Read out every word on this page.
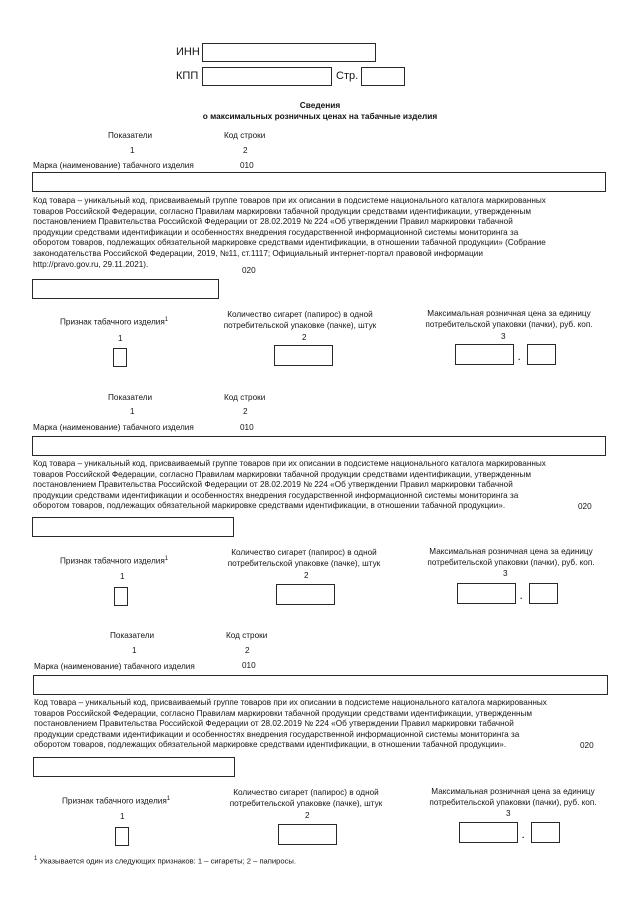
ИНН
КПП	Стр.
Сведения
о максимальных розничных ценах на табачные изделия
Показатели	Код строки
1	2
Марка (наименование) табачного изделия	010
Код товара – уникальный код, присваиваемый группе товаров при их описании в подсистеме национального каталога маркированных
товаров Российской Федерации, согласно Правилам маркировки табачной продукции средствами идентификации, утвержденным
постановлением Правительства Российской Федерации от 28.02.2019 № 224 «Об утверждении Правил маркировки табачной
продукции средствами идентификации и особенностях внедрения государственной информационной системы мониторинга за
оборотом товаров, подлежащих обязательной маркировке средствами идентификации, в отношении табачной продукции» (Собрание
законодательства Российской Федерации, 2019, №11, ст.1117; Официальный интернет-портал правовой информации
http://pravo.gov.ru, 29.11.2021).
020
Признак табачного изделия$^1$
Количество сигарет (папирос) в одной
потребительской упаковке (пачке), штук
Максимальная розничная цена за единицу
потребительской упаковки (пачки), руб. коп.
1	2	3
.
Показатели	Код строки
1	2
Марка (наименование) табачного изделия	010
Код товара – уникальный код, присваиваемый группе товаров при их описании в подсистеме национального каталога маркированных
товаров Российской Федерации, согласно Правилам маркировки табачной продукции средствами идентификации, утвержденным
постановлением Правительства Российской Федерации от 28.02.2019 № 224 «Об утверждении Правил маркировки табачной
продукции средствами идентификации и особенностях внедрения государственной информационной системы мониторинга за
оборотом товаров, подлежащих обязательной маркировке средствами идентификации, в отношении табачной продукции».	020
Признак табачного изделия$^1$
Количество сигарет (папирос) в одной
потребительской упаковке (пачке), штук
Максимальная розничная цена за единицу
потребительской упаковки (пачки), руб. коп.
1	2	3
.
Показатели	Код строки
1	2
Марка (наименование) табачного изделия	010
Код товара – уникальный код, присваиваемый группе товаров при их описании в подсистеме национального каталога маркированных
товаров Российской Федерации, согласно Правилам маркировки табачной продукции средствами идентификации, утвержденным
постановлением Правительства Российской Федерации от 28.02.2019 № 224 «Об утверждении Правил маркировки табачной
продукции средствами идентификации и особенностях внедрения государственной информационной системы мониторинга за
оборотом товаров, подлежащих обязательной маркировке средствами идентификации, в отношении табачной продукции».	020
Признак табачного изделия$^1$
Количество сигарет (папирос) в одной
потребительской упаковке (пачке), штук
Максимальная розничная цена за единицу
потребительской упаковки (пачки), руб. коп.
1	2	3
.
$^1$ Указывается один из следующих признаков: 1 – сигареты; 2 – папиросы.
